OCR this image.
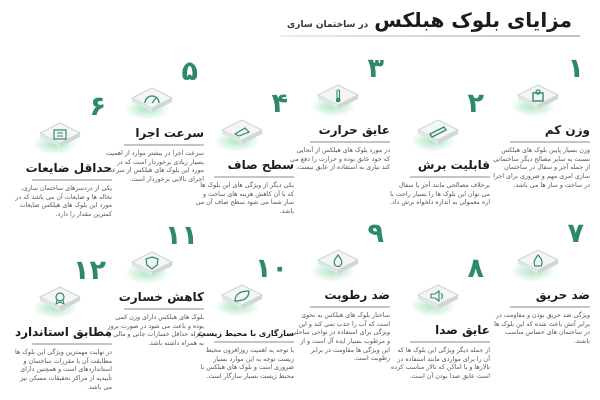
مزایای بلوک هبلکس
در ساختمان سازی
۱
وزن کم
وزن بسیار پایین بلوک های هبلکس نسبت به سایر مصالح دیگر ساختمانی از جمله آجر و سفال در ساختمان سازی امری مهم و ضروری برای اجرا در ساخت و ساز ها می باشد.
۲
قابلیت برش
برخلاف مصالحی مانند آجر یا سفال می توان این بلوک ها را بسیار راحت با اره معمولی به اندازه دلخواه برش داد.
۳
عایق حرارت
در مورد بلوک های هبلکس از آنجایی که خود عایق بوده و حرارت را دفع می کند نیازی به استفاده از عایق نیست.
۴
سطح صاف
یکی دیگر از ویژگی های این بلوک ها که با آن کاهش هزینه های ساخت و ساز شما می شود سطح صاف آن می باشد.
۵
سرعت اجرا
سرعت اجرا در بیشتر موارد از اهمیت بسیار زیادی برخوردار است که در مورد این بلوک های هبلکس از سرعت اجرای بالایی برخوردار است.
۶
حداقل ضایعات
یکی از دردسرهای ساختمان سازی، نخاله ها و ضایعات آن می باشد که در مورد این بلوک های هبلکس ضایعات کمترین مقدار را دارد.
۷
ضد حریق
ویژگی ضد حریق بودن و مقاومت در برابر آتش باعث شده که این بلوک ها در ساختمان های حساس مناسب باشند.
۸
عایق صدا
از جمله دیگر ویژگی این بلوک ها که آن را برای مواردی مانند استفاده در تالارها و یا اماکن که تالار مناسب کرده است عایق صدا بودن آن است.
۹
ضد رطوبت
ساختار بلوک های هبلکس به نحوی است که آب را جذب نمی کند و این ویژگی برای استفاده در نواحی ساحلی و مرطوب بسیار ایده آل است و از این ویژگی ها مقاومت در برابر رطوبت است.
۱۰
سازگاری با محیط زیست
با توجه به اهمیت روزافزون محیط زیست توجه به این موارد بسیار ضروری است و بلوک های هبلکس با محیط زیست بسیار سازگار است.
۱۱
کاهش خسارت
بلوک های هبلکس دارای وزن کمی بوده و باعث می شود در صورت بروز زلزله حداقل خسارات جانی و مالی را به همراه داشته باشد.
۱۲
مطابق استاندارد
در نهایت مهمترین ویژگی این بلوک ها مطابقت آن با مقررات ساختمان و استانداردهای است و همچنین دارای تأییدیه از مراکز تحقیقات مسکن نیز می باشد.
